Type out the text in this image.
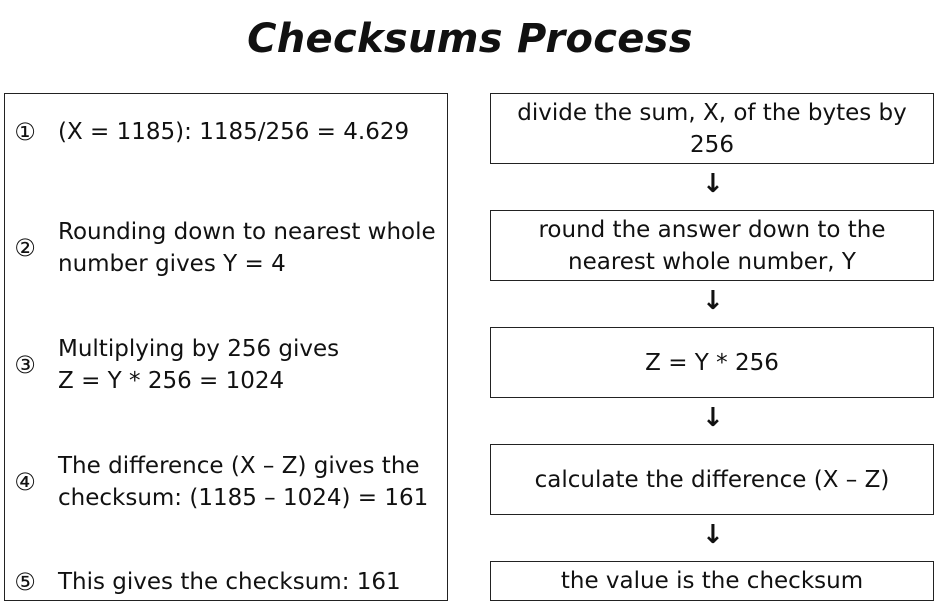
Checksums Process
① (X = 1185): 1185/256 = 4.629
②
Rounding down to nearest whole
number gives Y = 4
③
Multiplying by 256 gives
Z = Y * 256 = 1024
④
The difference (X – Z) gives the
checksum: (1185 – 1024) = 161
⑤ This gives the checksum: 161
divide the sum, X, of the bytes by 256
↓
round the answer down to the nearest whole number, Y
↓
Z = Y * 256
↓
calculate the difference (X – Z)
↓
the value is the checksum
